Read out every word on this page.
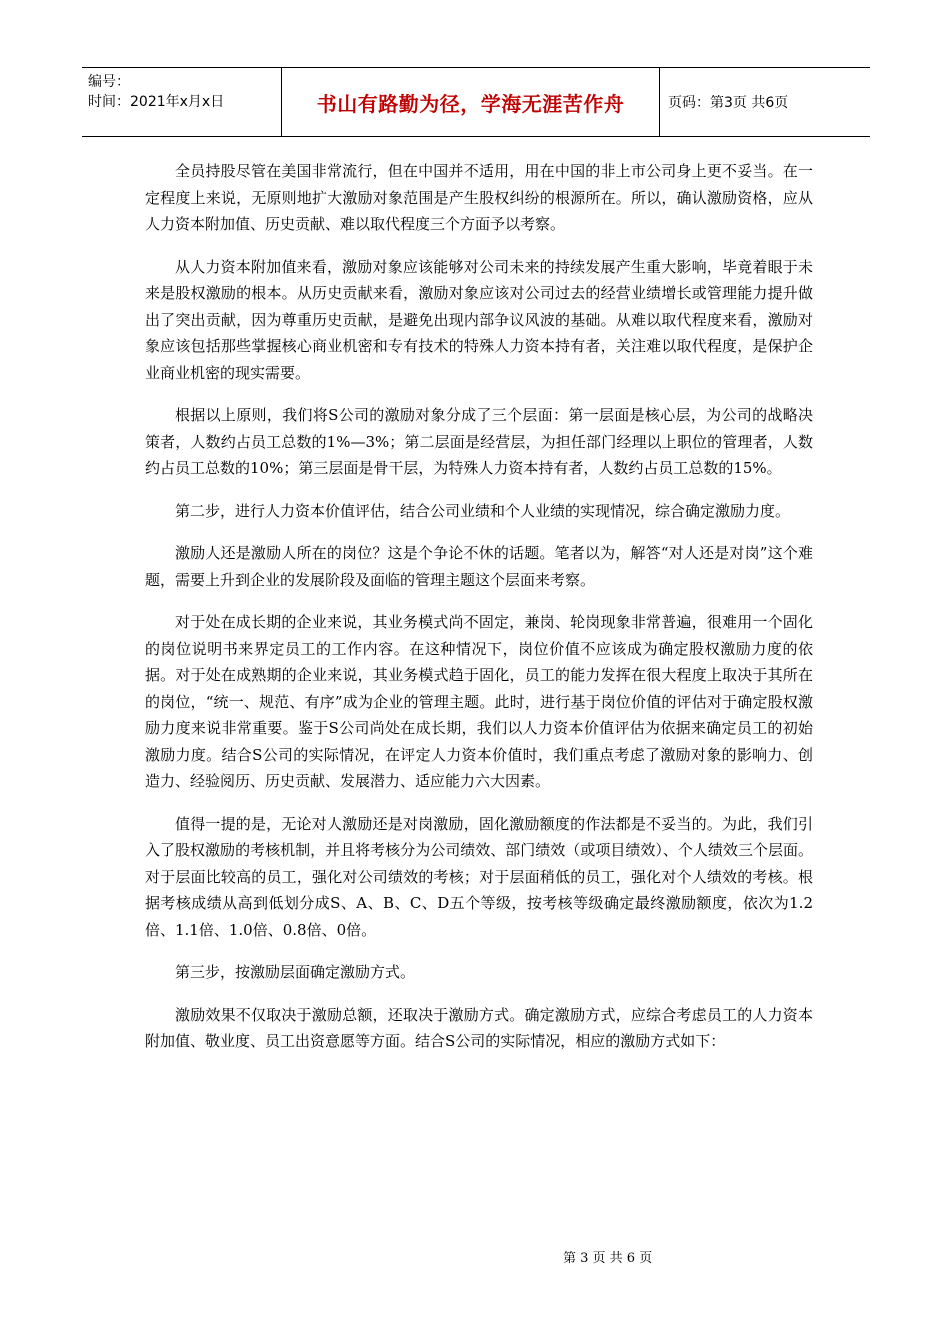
编号：
时间：2021年x月x日	书山有路勤为径，学海无涯苦作舟	页码：第3页 共6页

全员持股尽管在美国非常流行，但在中国并不适用，用在中国的非上市公司身上更不妥当。在一定程度上来说，无原则地扩大激励对象范围是产生股权纠纷的根源所在。所以，确认激励资格，应从人力资本附加值、历史贡献、难以取代程度三个方面予以考察。

从人力资本附加值来看，激励对象应该能够对公司未来的持续发展产生重大影响，毕竟着眼于未来是股权激励的根本。从历史贡献来看，激励对象应该对公司过去的经营业绩增长或管理能力提升做出了突出贡献，因为尊重历史贡献，是避免出现内部争议风波的基础。从难以取代程度来看，激励对象应该包括那些掌握核心商业机密和专有技术的特殊人力资本持有者，关注难以取代程度，是保护企业商业机密的现实需要。

根据以上原则，我们将S公司的激励对象分成了三个层面：第一层面是核心层，为公司的战略决策者，人数约占员工总数的1%—3%；第二层面是经营层，为担任部门经理以上职位的管理者，人数约占员工总数的10%；第三层面是骨干层，为特殊人力资本持有者，人数约占员工总数的15%。

第二步，进行人力资本价值评估，结合公司业绩和个人业绩的实现情况，综合确定激励力度。

激励人还是激励人所在的岗位？这是个争论不休的话题。笔者以为，解答“对人还是对岗”这个难题，需要上升到企业的发展阶段及面临的管理主题这个层面来考察。

对于处在成长期的企业来说，其业务模式尚不固定，兼岗、轮岗现象非常普遍，很难用一个固化的岗位说明书来界定员工的工作内容。在这种情况下，岗位价值不应该成为确定股权激励力度的依据。对于处在成熟期的企业来说，其业务模式趋于固化，员工的能力发挥在很大程度上取决于其所在的岗位，“统一、规范、有序”成为企业的管理主题。此时，进行基于岗位价值的评估对于确定股权激励力度来说非常重要。鉴于S公司尚处在成长期，我们以人力资本价值评估为依据来确定员工的初始激励力度。结合S公司的实际情况，在评定人力资本价值时，我们重点考虑了激励对象的影响力、创造力、经验阅历、历史贡献、发展潜力、适应能力六大因素。

值得一提的是，无论对人激励还是对岗激励，固化激励额度的作法都是不妥当的。为此，我们引入了股权激励的考核机制，并且将考核分为公司绩效、部门绩效（或项目绩效）、个人绩效三个层面。对于层面比较高的员工，强化对公司绩效的考核；对于层面稍低的员工，强化对个人绩效的考核。根据考核成绩从高到低划分成S、A、B、C、D五个等级，按考核等级确定最终激励额度，依次为1.2倍、1.1倍、1.0倍、0.8倍、0倍。

第三步，按激励层面确定激励方式。

激励效果不仅取决于激励总额，还取决于激励方式。确定激励方式，应综合考虑员工的人力资本附加值、敬业度、员工出资意愿等方面。结合S公司的实际情况，相应的激励方式如下：

第 3 页 共 6 页
